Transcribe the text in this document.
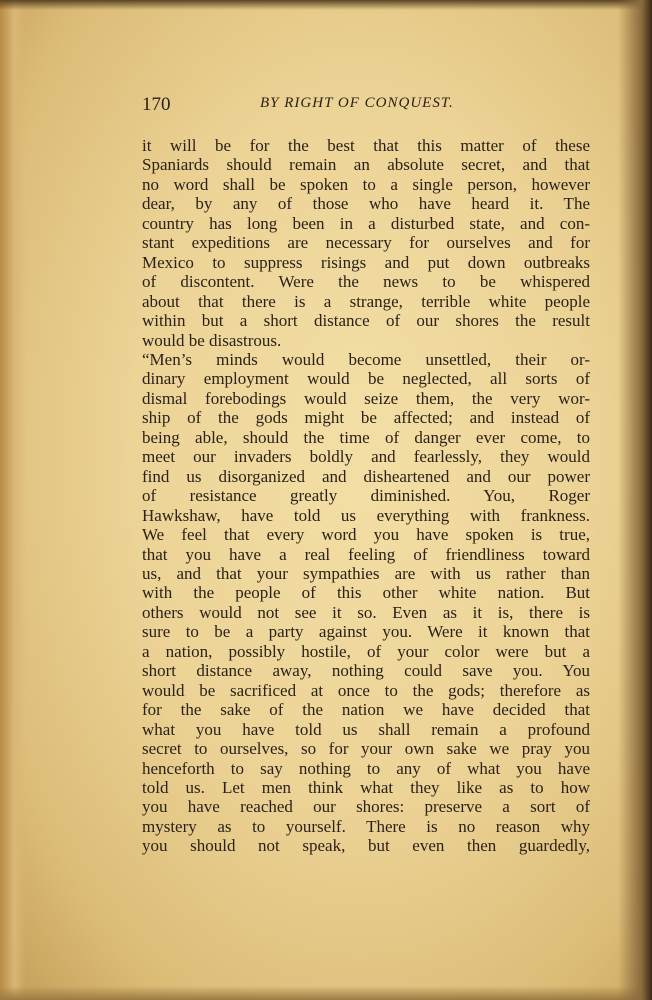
170	BY RIGHT OF CONQUEST.
it will be for the best that this matter of these
Spaniards should remain an absolute secret, and that
no word shall be spoken to a single person, however
dear, by any of those who have heard it. The
country has long been in a disturbed state, and con-
stant expeditions are necessary for ourselves and for
Mexico to suppress risings and put down outbreaks
of discontent. Were the news to be whispered
about that there is a strange, terrible white people
within but a short distance of our shores the result
would be disastrous.
“Men’s minds would become unsettled, their or-
dinary employment would be neglected, all sorts of
dismal forebodings would seize them, the very wor-
ship of the gods might be affected; and instead of
being able, should the time of danger ever come, to
meet our invaders boldly and fearlessly, they would
find us disorganized and disheartened and our power
of resistance greatly diminished. You, Roger
Hawkshaw, have told us everything with frankness.
We feel that every word you have spoken is true,
that you have a real feeling of friendliness toward
us, and that your sympathies are with us rather than
with the people of this other white nation. But
others would not see it so. Even as it is, there is
sure to be a party against you. Were it known that
a nation, possibly hostile, of your color were but a
short distance away, nothing could save you. You
would be sacrificed at once to the gods; therefore as
for the sake of the nation we have decided that
what you have told us shall remain a profound
secret to ourselves, so for your own sake we pray you
henceforth to say nothing to any of what you have
told us. Let men think what they like as to how
you have reached our shores: preserve a sort of
mystery as to yourself. There is no reason why
you should not speak, but even then guardedly,
